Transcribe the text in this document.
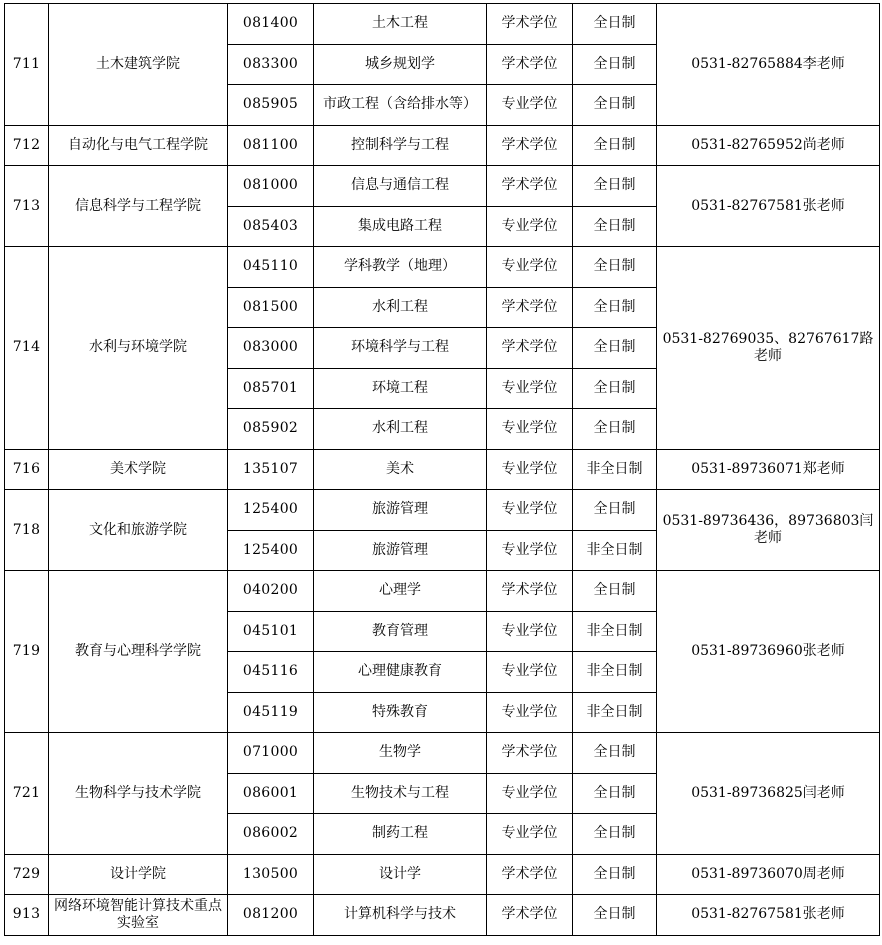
711	土木建筑学院	081400	土木工程	学术学位	全日制	0531-82765884李老师
		083300	城乡规划学	学术学位	全日制	
		085905	市政工程（含给排水等）	专业学位	全日制	
712	自动化与电气工程学院	081100	控制科学与工程	学术学位	全日制	0531-82765952尚老师
713	信息科学与工程学院	081000	信息与通信工程	学术学位	全日制	0531-82767581张老师
		085403	集成电路工程	专业学位	全日制	
714	水利与环境学院	045110	学科教学（地理）	专业学位	全日制	0531-82769035、82767617路老师
		081500	水利工程	学术学位	全日制	
		083000	环境科学与工程	学术学位	全日制	
		085701	环境工程	专业学位	全日制	
		085902	水利工程	专业学位	全日制	
716	美术学院	135107	美术	专业学位	非全日制	0531-89736071郑老师
718	文化和旅游学院	125400	旅游管理	专业学位	全日制	0531-89736436，89736803闫老师
		125400	旅游管理	专业学位	非全日制	
719	教育与心理科学学院	040200	心理学	学术学位	全日制	0531-89736960张老师
		045101	教育管理	专业学位	非全日制	
		045116	心理健康教育	专业学位	非全日制	
		045119	特殊教育	专业学位	非全日制	
721	生物科学与技术学院	071000	生物学	学术学位	全日制	0531-89736825闫老师
		086001	生物技术与工程	专业学位	全日制	
		086002	制药工程	专业学位	全日制	
729	设计学院	130500	设计学	学术学位	全日制	0531-89736070周老师
913	网络环境智能计算技术重点实验室	081200	计算机科学与技术	学术学位	全日制	0531-82767581张老师
